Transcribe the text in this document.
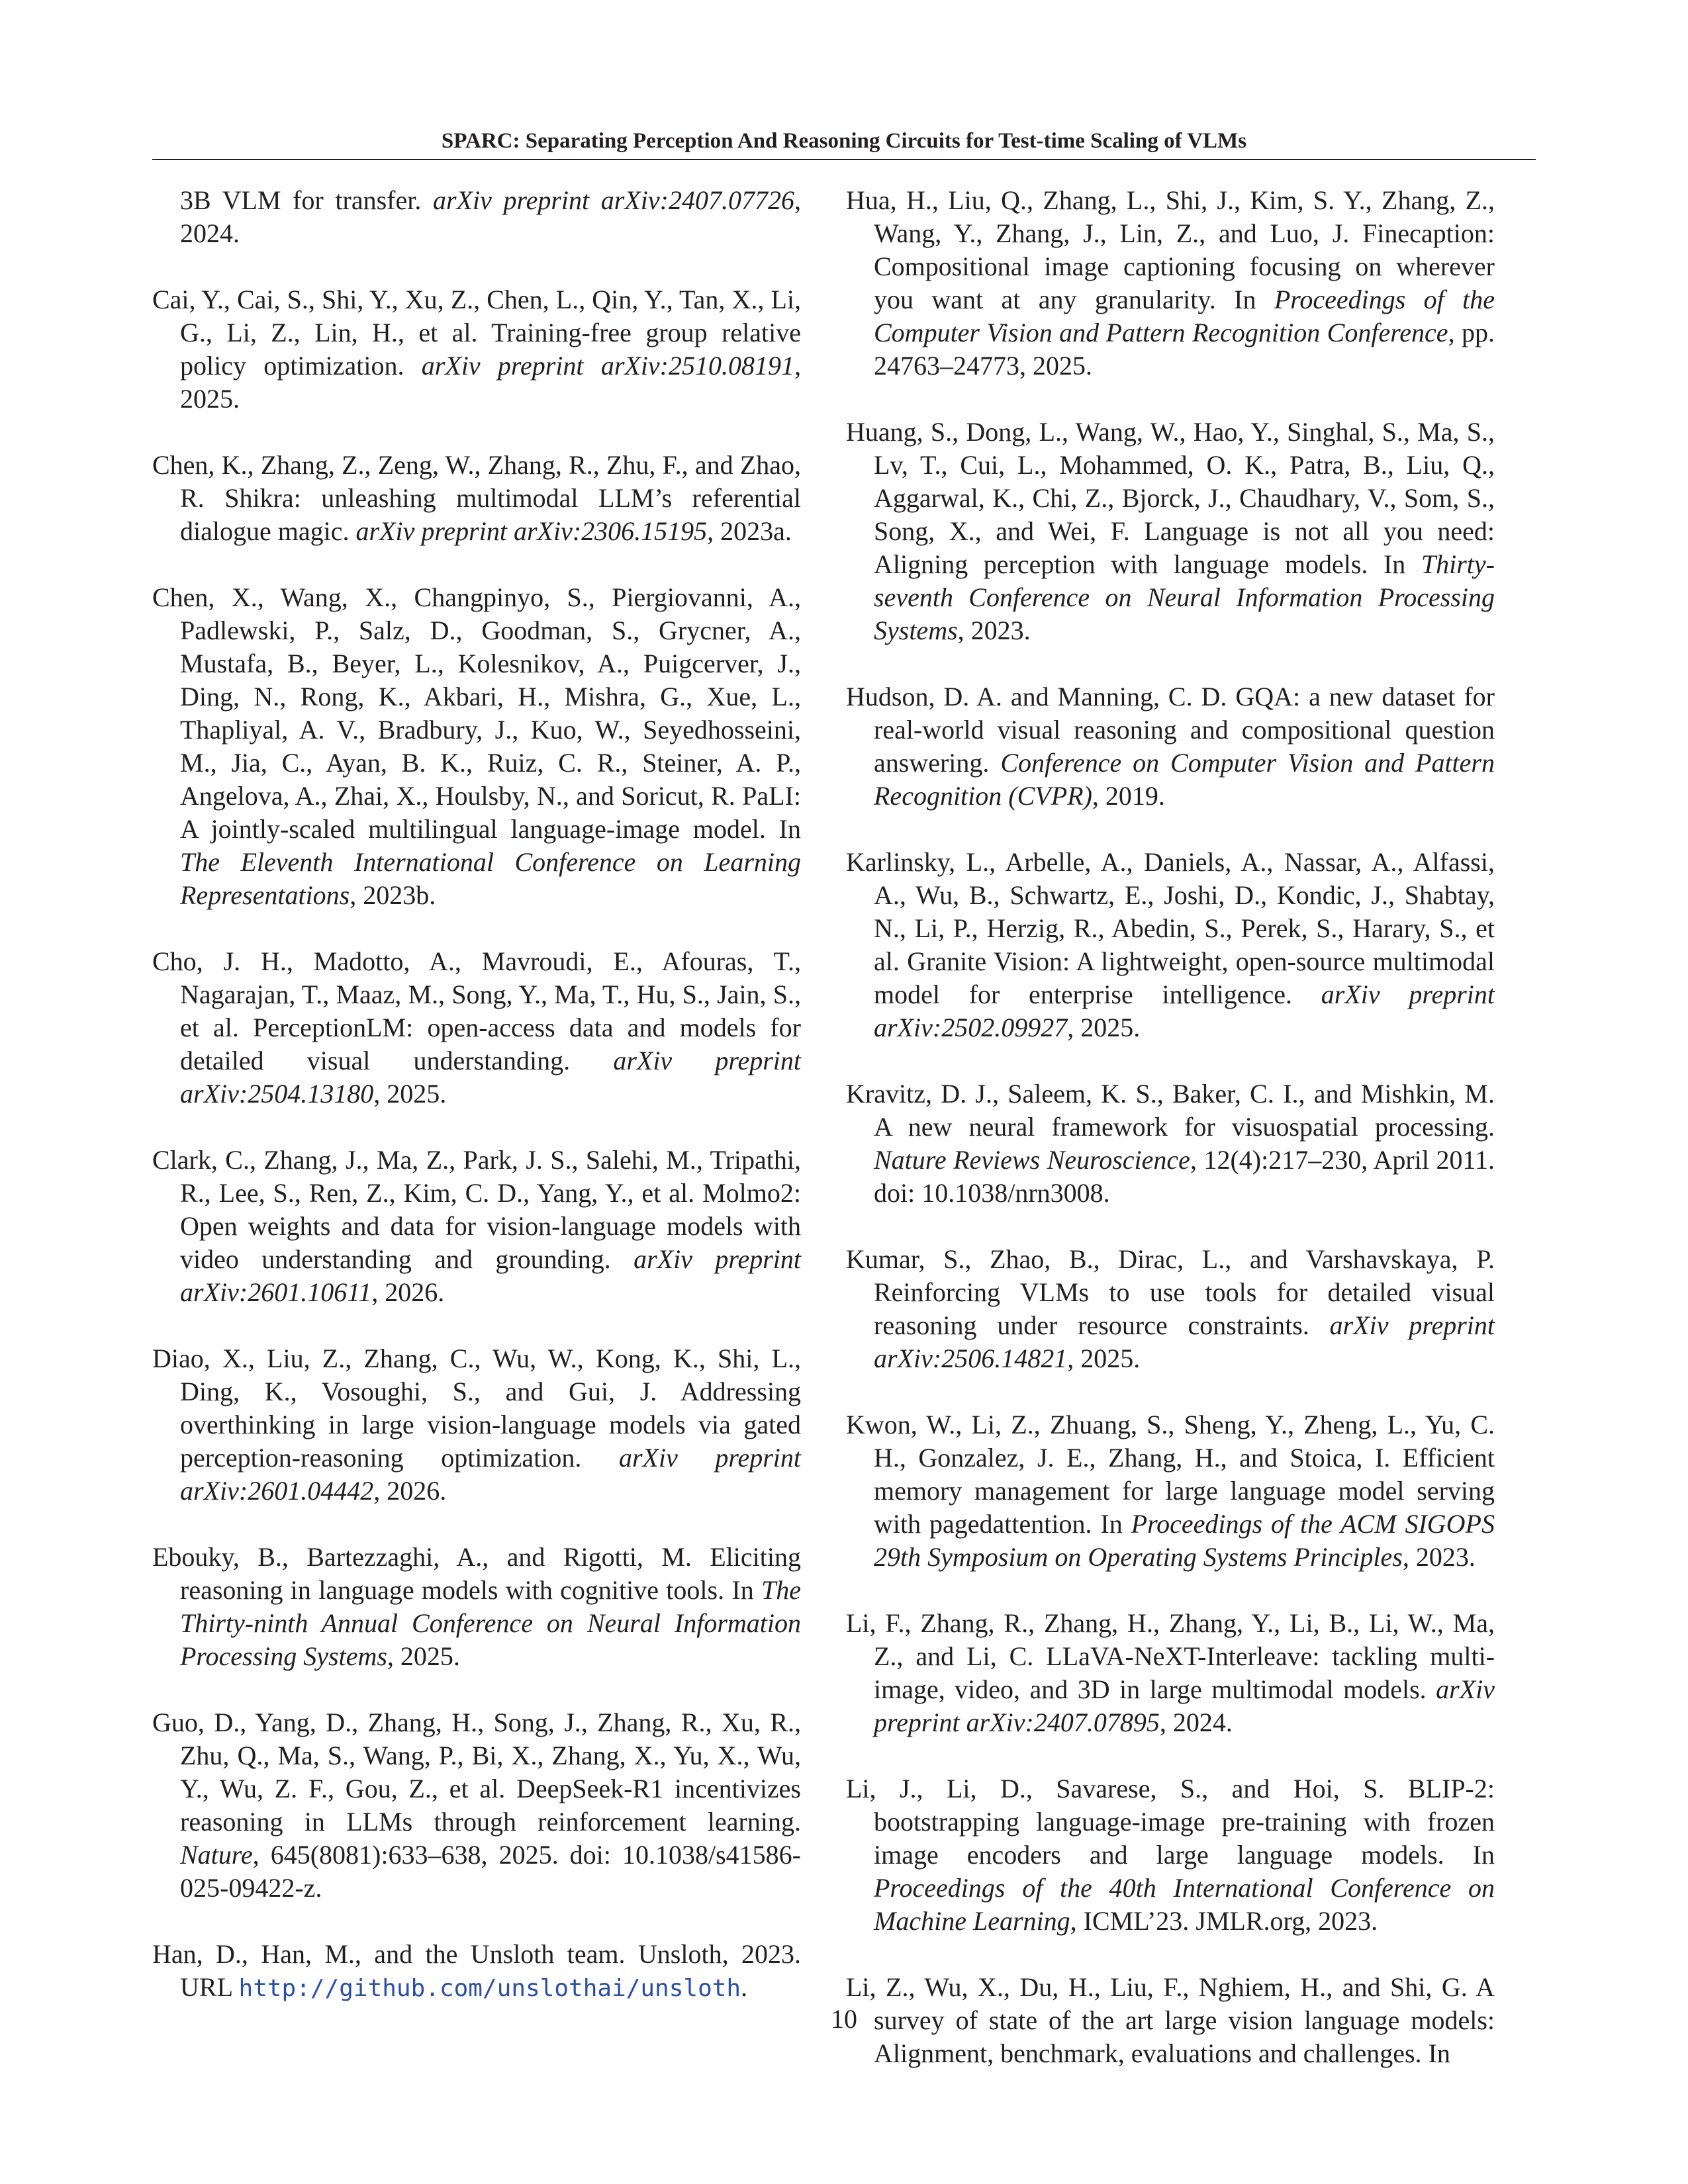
SPARC: Separating Perception And Reasoning Circuits for Test-time Scaling of VLMs

3B VLM for transfer. arXiv preprint arXiv:2407.07726, 2024.

Cai, Y., Cai, S., Shi, Y., Xu, Z., Chen, L., Qin, Y., Tan, X., Li, G., Li, Z., Lin, H., et al. Training-free group relative policy optimization. arXiv preprint arXiv:2510.08191, 2025.

Chen, K., Zhang, Z., Zeng, W., Zhang, R., Zhu, F., and Zhao, R. Shikra: unleashing multimodal LLM’s referential dialogue magic. arXiv preprint arXiv:2306.15195, 2023a.

Chen, X., Wang, X., Changpinyo, S., Piergiovanni, A., Padlewski, P., Salz, D., Goodman, S., Grycner, A., Mustafa, B., Beyer, L., Kolesnikov, A., Puigcerver, J., Ding, N., Rong, K., Akbari, H., Mishra, G., Xue, L., Thapliyal, A. V., Bradbury, J., Kuo, W., Seyedhosseini, M., Jia, C., Ayan, B. K., Ruiz, C. R., Steiner, A. P., Angelova, A., Zhai, X., Houlsby, N., and Soricut, R. PaLI: A jointly-scaled multilingual language-image model. In The Eleventh International Conference on Learning Representations, 2023b.

Cho, J. H., Madotto, A., Mavroudi, E., Afouras, T., Nagarajan, T., Maaz, M., Song, Y., Ma, T., Hu, S., Jain, S., et al. PerceptionLM: open-access data and models for detailed visual understanding. arXiv preprint arXiv:2504.13180, 2025.

Clark, C., Zhang, J., Ma, Z., Park, J. S., Salehi, M., Tripathi, R., Lee, S., Ren, Z., Kim, C. D., Yang, Y., et al. Molmo2: Open weights and data for vision-language models with video understanding and grounding. arXiv preprint arXiv:2601.10611, 2026.

Diao, X., Liu, Z., Zhang, C., Wu, W., Kong, K., Shi, L., Ding, K., Vosoughi, S., and Gui, J. Addressing overthinking in large vision-language models via gated perception-reasoning optimization. arXiv preprint arXiv:2601.04442, 2026.

Ebouky, B., Bartezzaghi, A., and Rigotti, M. Eliciting reasoning in language models with cognitive tools. In The Thirty-ninth Annual Conference on Neural Information Processing Systems, 2025.

Guo, D., Yang, D., Zhang, H., Song, J., Zhang, R., Xu, R., Zhu, Q., Ma, S., Wang, P., Bi, X., Zhang, X., Yu, X., Wu, Y., Wu, Z. F., Gou, Z., et al. DeepSeek-R1 incentivizes reasoning in LLMs through reinforcement learning. Nature, 645(8081):633–638, 2025. doi: 10.1038/s41586-025-09422-z.

Han, D., Han, M., and the Unsloth team. Unsloth, 2023. URL http://github.com/unslothai/unsloth.

Hua, H., Liu, Q., Zhang, L., Shi, J., Kim, S. Y., Zhang, Z., Wang, Y., Zhang, J., Lin, Z., and Luo, J. Finecaption: Compositional image captioning focusing on wherever you want at any granularity. In Proceedings of the Computer Vision and Pattern Recognition Conference, pp. 24763–24773, 2025.

Huang, S., Dong, L., Wang, W., Hao, Y., Singhal, S., Ma, S., Lv, T., Cui, L., Mohammed, O. K., Patra, B., Liu, Q., Aggarwal, K., Chi, Z., Bjorck, J., Chaudhary, V., Som, S., Song, X., and Wei, F. Language is not all you need: Aligning perception with language models. In Thirty-seventh Conference on Neural Information Processing Systems, 2023.

Hudson, D. A. and Manning, C. D. GQA: a new dataset for real-world visual reasoning and compositional question answering. Conference on Computer Vision and Pattern Recognition (CVPR), 2019.

Karlinsky, L., Arbelle, A., Daniels, A., Nassar, A., Alfassi, A., Wu, B., Schwartz, E., Joshi, D., Kondic, J., Shabtay, N., Li, P., Herzig, R., Abedin, S., Perek, S., Harary, S., et al. Granite Vision: A lightweight, open-source multimodal model for enterprise intelligence. arXiv preprint arXiv:2502.09927, 2025.

Kravitz, D. J., Saleem, K. S., Baker, C. I., and Mishkin, M. A new neural framework for visuospatial processing. Nature Reviews Neuroscience, 12(4):217–230, April 2011. doi: 10.1038/nrn3008.

Kumar, S., Zhao, B., Dirac, L., and Varshavskaya, P. Reinforcing VLMs to use tools for detailed visual reasoning under resource constraints. arXiv preprint arXiv:2506.14821, 2025.

Kwon, W., Li, Z., Zhuang, S., Sheng, Y., Zheng, L., Yu, C. H., Gonzalez, J. E., Zhang, H., and Stoica, I. Efficient memory management for large language model serving with pagedattention. In Proceedings of the ACM SIGOPS 29th Symposium on Operating Systems Principles, 2023.

Li, F., Zhang, R., Zhang, H., Zhang, Y., Li, B., Li, W., Ma, Z., and Li, C. LLaVA-NeXT-Interleave: tackling multi-image, video, and 3D in large multimodal models. arXiv preprint arXiv:2407.07895, 2024.

Li, J., Li, D., Savarese, S., and Hoi, S. BLIP-2: bootstrapping language-image pre-training with frozen image encoders and large language models. In Proceedings of the 40th International Conference on Machine Learning, ICML’23. JMLR.org, 2023.

Li, Z., Wu, X., Du, H., Liu, F., Nghiem, H., and Shi, G. A survey of state of the art large vision language models: Alignment, benchmark, evaluations and challenges. In

10
